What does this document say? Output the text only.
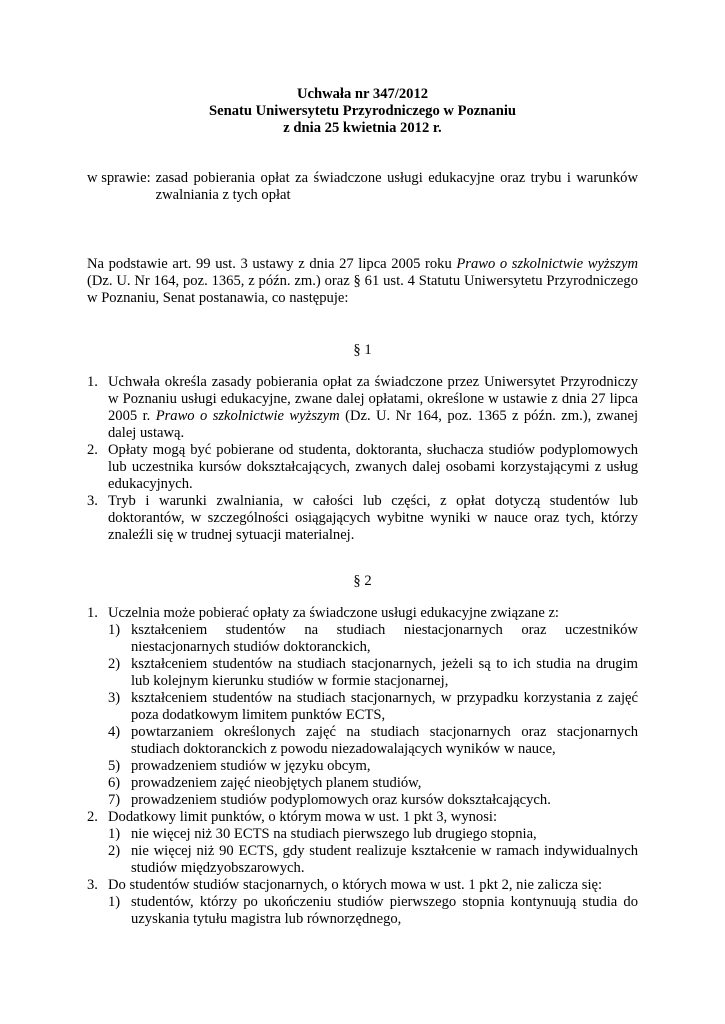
Uchwała nr 347/2012
Senatu Uniwersytetu Przyrodniczego w Poznaniu
z dnia 25 kwietnia 2012 r.
w sprawie: zasad pobierania opłat za świadczone usługi edukacyjne oraz trybu i warunków
zwalniania z tych opłat
Na podstawie art. 99 ust. 3 ustawy z dnia 27 lipca 2005 roku Prawo o szkolnictwie wyższym
(Dz. U. Nr 164, poz. 1365, z późn. zm.) oraz § 61 ust. 4 Statutu Uniwersytetu Przyrodniczego
w Poznaniu, Senat postanawia, co następuje:
§ 1
1. Uchwała określa zasady pobierania opłat za świadczone przez Uniwersytet Przyrodniczy
w Poznaniu usługi edukacyjne, zwane dalej opłatami, określone w ustawie z dnia 27 lipca
2005 r. Prawo o szkolnictwie wyższym (Dz. U. Nr 164, poz. 1365 z późn. zm.), zwanej
dalej ustawą.
2. Opłaty mogą być pobierane od studenta, doktoranta, słuchacza studiów podyplomowych
lub uczestnika kursów dokształcających, zwanych dalej osobami korzystającymi z usług
edukacyjnych.
3. Tryb i warunki zwalniania, w całości lub części, z opłat dotyczą studentów lub
doktorantów, w szczególności osiągających wybitne wyniki w nauce oraz tych, którzy
znaleźli się w trudnej sytuacji materialnej.
§ 2
1. Uczelnia może pobierać opłaty za świadczone usługi edukacyjne związane z:
1) kształceniem studentów na studiach niestacjonarnych oraz uczestników
niestacjonarnych studiów doktoranckich,
2) kształceniem studentów na studiach stacjonarnych, jeżeli są to ich studia na drugim
lub kolejnym kierunku studiów w formie stacjonarnej,
3) kształceniem studentów na studiach stacjonarnych, w przypadku korzystania z zajęć
poza dodatkowym limitem punktów ECTS,
4) powtarzaniem określonych zajęć na studiach stacjonarnych oraz stacjonarnych
studiach doktoranckich z powodu niezadowalających wyników w nauce,
5) prowadzeniem studiów w języku obcym,
6) prowadzeniem zajęć nieobjętych planem studiów,
7) prowadzeniem studiów podyplomowych oraz kursów dokształcających.
2. Dodatkowy limit punktów, o którym mowa w ust. 1 pkt 3, wynosi:
1) nie więcej niż 30 ECTS na studiach pierwszego lub drugiego stopnia,
2) nie więcej niż 90 ECTS, gdy student realizuje kształcenie w ramach indywidualnych
studiów międzyobszarowych.
3. Do studentów studiów stacjonarnych, o których mowa w ust. 1 pkt 2, nie zalicza się:
1) studentów, którzy po ukończeniu studiów pierwszego stopnia kontynuują studia do
uzyskania tytułu magistra lub równorzędnego,
